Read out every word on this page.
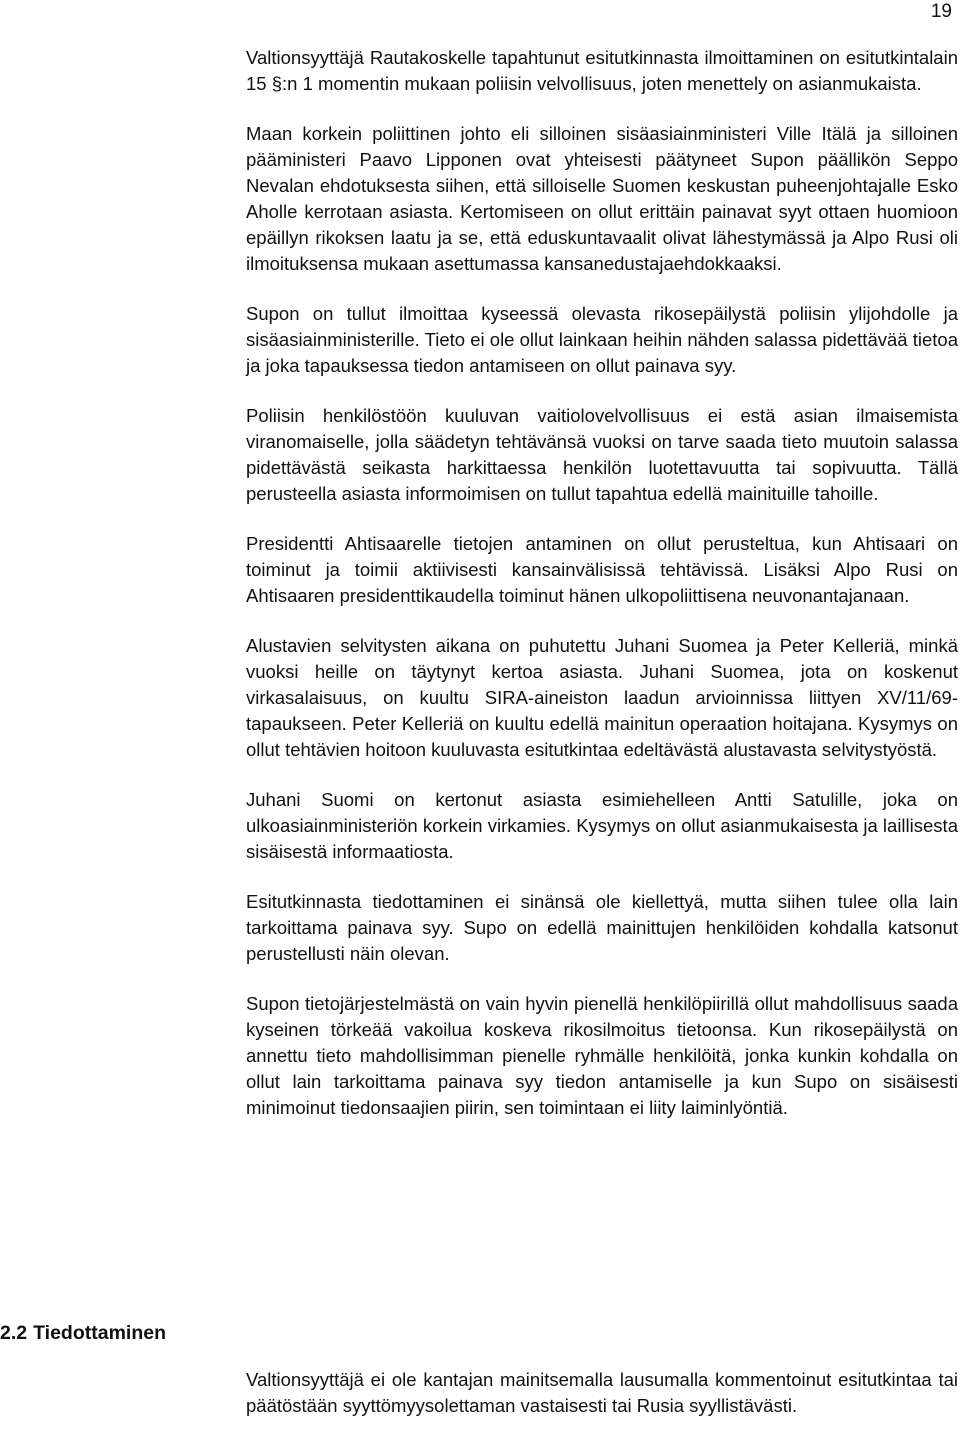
19

Valtionsyyttäjä Rautakoskelle tapahtunut esitutkinnasta ilmoittaminen on esitutkintalain 15 §:n 1 momentin mukaan poliisin velvollisuus, joten menettely on asianmukaista.

Maan korkein poliittinen johto eli silloinen sisäasiainministeri Ville Itälä ja silloinen pääministeri Paavo Lipponen ovat yhteisesti päätyneet Supon päällikön Seppo Nevalan ehdotuksesta siihen, että silloiselle Suomen keskustan puheenjohtajalle Esko Aholle kerrotaan asiasta. Kertomiseen on ollut erittäin painavat syyt ottaen huomioon epäillyn rikoksen laatu ja se, että eduskuntavaalit olivat lähestymässä ja Alpo Rusi oli ilmoituksensa mukaan asettumassa kansanedustajaehdokkaaksi.

Supon on tullut ilmoittaa kyseessä olevasta rikosepäilystä poliisin ylijohdolle ja sisäasiainministerille. Tieto ei ole ollut lainkaan heihin nähden salassa pidettävää tietoa ja joka tapauksessa tiedon antamiseen on ollut painava syy.

Poliisin henkilöstöön kuuluvan vaitiolovelvollisuus ei estä asian ilmaisemista viranomaiselle, jolla säädetyn tehtävänsä vuoksi on tarve saada tieto muutoin salassa pidettävästä seikasta harkittaessa henkilön luotettavuutta tai sopivuutta. Tällä perusteella asiasta informoimisen on tullut tapahtua edellä mainituille tahoille.

Presidentti Ahtisaarelle tietojen antaminen on ollut perusteltua, kun Ahtisaari on toiminut ja toimii aktiivisesti kansainvälisissä tehtävissä. Lisäksi Alpo Rusi on Ahtisaaren presidenttikaudella toiminut hänen ulkopoliittisena neuvonantajanaan.

Alustavien selvitysten aikana on puhutettu Juhani Suomea ja Peter Kelleriä, minkä vuoksi heille on täytynyt kertoa asiasta. Juhani Suomea, jota on koskenut virkasalaisuus, on kuultu SIRA-aineiston laadun arvioinnissa liittyen XV/11/69-tapaukseen. Peter Kelleriä on kuultu edellä mainitun operaation hoitajana. Kysymys on ollut tehtävien hoitoon kuuluvasta esitutkintaa edeltävästä alustavasta selvitystyöstä.

Juhani Suomi on kertonut asiasta esimiehelleen Antti Satulille, joka on ulkoasiainministeriön korkein virkamies. Kysymys on ollut asianmukaisesta ja laillisesta sisäisestä informaatiosta.

Esitutkinnasta tiedottaminen ei sinänsä ole kiellettyä, mutta siihen tulee olla lain tarkoittama painava syy. Supo on edellä mainittujen henkilöiden kohdalla katsonut perustellusti näin olevan.

Supon tietojärjestelmästä on vain hyvin pienellä henkilöpiirillä ollut mahdollisuus saada kyseinen törkeää vakoilua koskeva rikosilmoitus tietoonsa. Kun rikosepäilystä on annettu tieto mahdollisimman pienelle ryhmälle henkilöitä, jonka kunkin kohdalla on ollut lain tarkoittama painava syy tiedon antamiselle ja kun Supo on sisäisesti minimoinut tiedonsaajien piirin, sen toimintaan ei liity laiminlyöntiä.

2.2 Tiedottaminen

Valtionsyyttäjä ei ole kantajan mainitsemalla lausumalla kommentoinut esitutkintaa tai päätöstään syyttömyysolettaman vastaisesti tai Rusia syyllistävästi.
